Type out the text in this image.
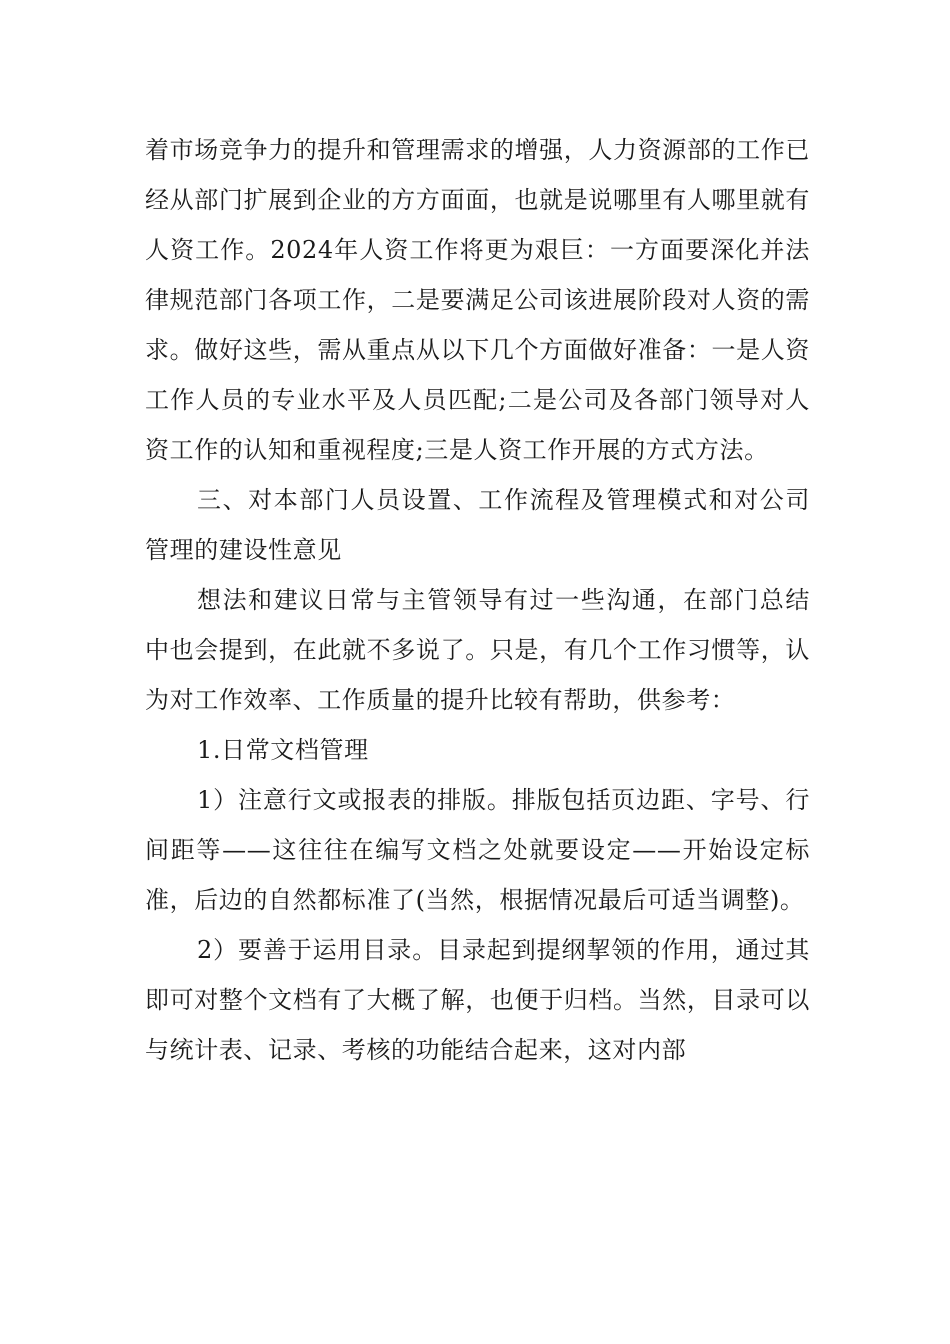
着市场竞争力的提升和管理需求的增强，人力资源部的工作已经从部门扩展到企业的方方面面，也就是说哪里有人哪里就有人资工作。2024年人资工作将更为艰巨：一方面要深化并法律规范部门各项工作，二是要满足公司该进展阶段对人资的需求。做好这些，需从重点从以下几个方面做好准备：一是人资工作人员的专业水平及人员匹配;二是公司及各部门领导对人资工作的认知和重视程度;三是人资工作开展的方式方法。

三、对本部门人员设置、工作流程及管理模式和对公司管理的建设性意见

想法和建议日常与主管领导有过一些沟通，在部门总结中也会提到，在此就不多说了。只是，有几个工作习惯等，认为对工作效率、工作质量的提升比较有帮助，供参考：

1.日常文档管理

1）注意行文或报表的排版。排版包括页边距、字号、行间距等——这往往在编写文档之处就要设定——开始设定标准，后边的自然都标准了(当然，根据情况最后可适当调整)。

2）要善于运用目录。目录起到提纲挈领的作用，通过其即可对整个文档有了大概了解，也便于归档。当然，目录可以与统计表、记录、考核的功能结合起来，这对内部
